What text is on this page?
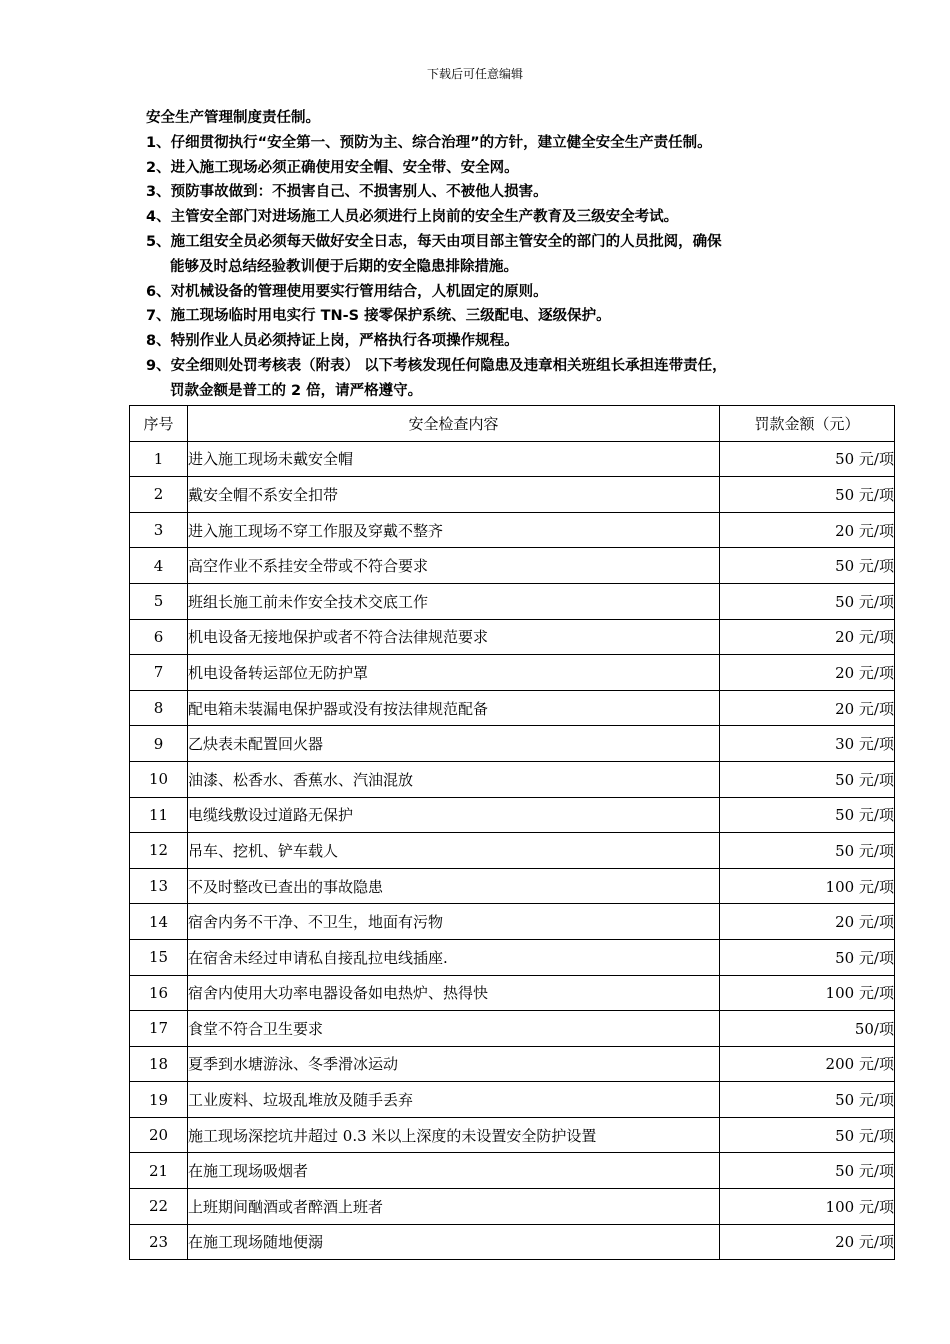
下载后可任意编辑
安全生产管理制度责任制。
1、仔细贯彻执行“安全第一、预防为主、综合治理”的方针，建立健全安全生产责任制。
2、进入施工现场必须正确使用安全帽、安全带、安全网。
3、预防事故做到：不损害自己、不损害别人、不被他人损害。
4、主管安全部门对进场施工人员必须进行上岗前的安全生产教育及三级安全考试。
5、施工组安全员必须每天做好安全日志，每天由项目部主管安全的部门的人员批阅，确保
能够及时总结经验教训便于后期的安全隐患排除措施。
6、对机械设备的管理使用要实行管用结合，人机固定的原则。
7、施工现场临时用电实行 TN-S 接零保护系统、三级配电、逐级保护。
8、特别作业人员必须持证上岗，严格执行各项操作规程。
9、安全细则处罚考核表（附表） 以下考核发现任何隐患及违章相关班组长承担连带责任，
罚款金额是普工的 2 倍，请严格遵守。
序号	安全检查内容	罚款金额（元）
1	进入施工现场未戴安全帽	50 元/项
2	戴安全帽不系安全扣带	50 元/项
3	进入施工现场不穿工作服及穿戴不整齐	20 元/项
4	高空作业不系挂安全带或不符合要求	50 元/项
5	班组长施工前未作安全技术交底工作	50 元/项
6	机电设备无接地保护或者不符合法律规范要求	20 元/项
7	机电设备转运部位无防护罩	20 元/项
8	配电箱未装漏电保护器或没有按法律规范配备	20 元/项
9	乙炔表未配置回火器	30 元/项
10	油漆、松香水、香蕉水、汽油混放	50 元/项
11	电缆线敷设过道路无保护	50 元/项
12	吊车、挖机、铲车载人	50 元/项
13	不及时整改已查出的事故隐患	100 元/项
14	宿舍内务不干净、不卫生，地面有污物	20 元/项
15	在宿舍未经过申请私自接乱拉电线插座.	50 元/项
16	宿舍内使用大功率电器设备如电热炉、热得快	100 元/项
17	食堂不符合卫生要求	50/项
18	夏季到水塘游泳、冬季滑冰运动	200 元/项
19	工业废料、垃圾乱堆放及随手丢弃	50 元/项
20	施工现场深挖坑井超过 0.3 米以上深度的未设置安全防护设置	50 元/项
21	在施工现场吸烟者	50 元/项
22	上班期间酗酒或者醉酒上班者	100 元/项
23	在施工现场随地便溺	20 元/项
